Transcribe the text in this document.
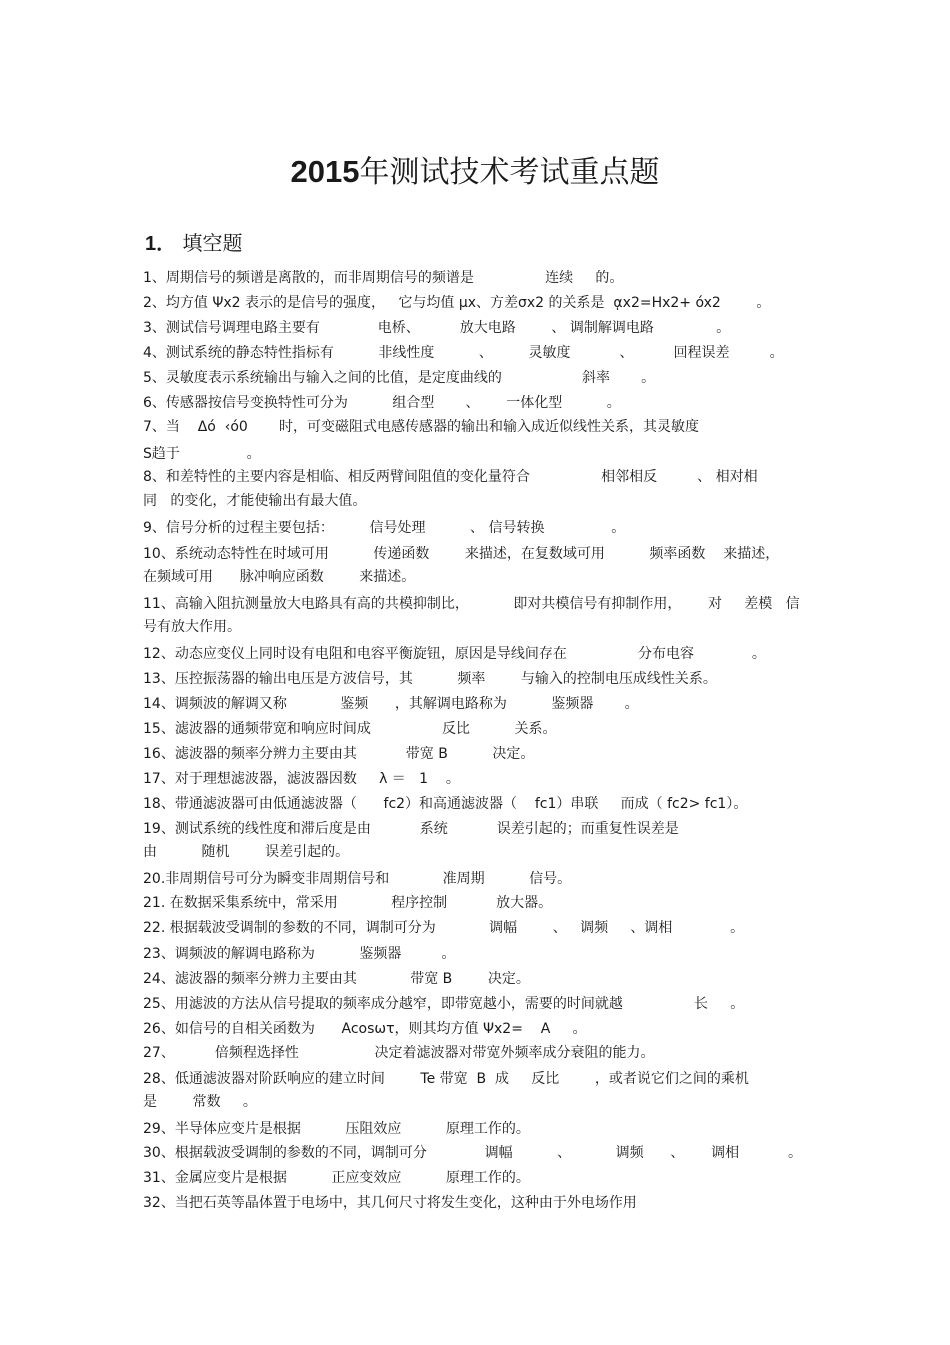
2015年测试技术考试重点题
1． 填空题

1、周期信号的频谱是离散的，而非周期信号的频谱是                连续     的。

2、均方值 Ψx2 表示的是信号的强度，   它与均值 μx、方差σx2 的关系是  ᾳx2=Hx2+ óx2        。

3、测试信号调理电路主要有             电桥、         放大电路        、 调制解调电路              。

4、测试系统的静态特性指标有          非线性度          、        灵敏度           、         回程误差         。

5、灵敏度表示系统输出与输入之间的比值，是定度曲线的                  斜率       。

6、传感器按信号变换特性可分为          组合型       、      一体化型          。

7、当    Δó  ‹ó0       时，可变磁阻式电感传感器的输出和输入成近似线性关系，其灵敏度

S趋于               。

8、和差特性的主要内容是相临、相反两臂间阻值的变化量符合                相邻相反         、 相对相

同   的变化，才能使输出有最大值。

9、信号分析的过程主要包括：        信号处理          、 信号转换               。

10、系统动态特性在时域可用          传递函数        来描述，在复数域可用          频率函数    来描述，

在频域可用      脉冲响应函数        来描述。

11、高输入阻抗测量放大电路具有高的共模抑制比，          即对共模信号有抑制作用，      对     差模   信

号有放大作用。

12、动态应变仪上同时设有电阻和电容平衡旋钮，原因是导线间存在                分布电容             。

13、压控振荡器的输出电压是方波信号，其          频率        与输入的控制电压成线性关系。

14、调频波的解调又称            鉴频      ，其解调电路称为          鉴频器       。

15、滤波器的通频带宽和响应时间成                反比          关系。

16、滤波器的频率分辨力主要由其           带宽 B          决定。

17、对于理想滤波器，滤波器因数     λ ＝   1    。

18、带通滤波器可由低通滤波器（      fc2）和高通滤波器（    fc1）串联     而成（ fc2> fc1）。

19、测试系统的线性度和滞后度是由           系统           误差引起的；而重复性误差是

由          随机        误差引起的。

20.非周期信号可分为瞬变非周期信号和            准周期          信号。

21. 在数据采集系统中，常采用            程序控制           放大器。

22. 根据载波受调制的参数的不同，调制可分为            调幅        、   调频     、调相             。

23、调频波的解调电路称为          鉴频器         。

24、滤波器的频率分辨力主要由其            带宽 B        决定。

25、用滤波的方法从信号提取的频率成分越窄，即带宽越小，需要的时间就越                长     。

26、如信号的自相关函数为      Acosωτ，则其均方值 Ψx2=    A     。

27、         倍频程选择性                 决定着滤波器对带宽外频率成分衰阻的能力。

28、低通滤波器对阶跃响应的建立时间        Te 带宽  B  成     反比        ，或者说它们之间的乘机

是        常数     。

29、半导体应变片是根据          压阻效应          原理工作的。

30、根据载波受调制的参数的不同，调制可分             调幅          、          调频      、      调相           。

31、金属应变片是根据          正应变效应          原理工作的。

32、当把石英等晶体置于电场中，其几何尺寸将发生变化，这种由于外电场作用
